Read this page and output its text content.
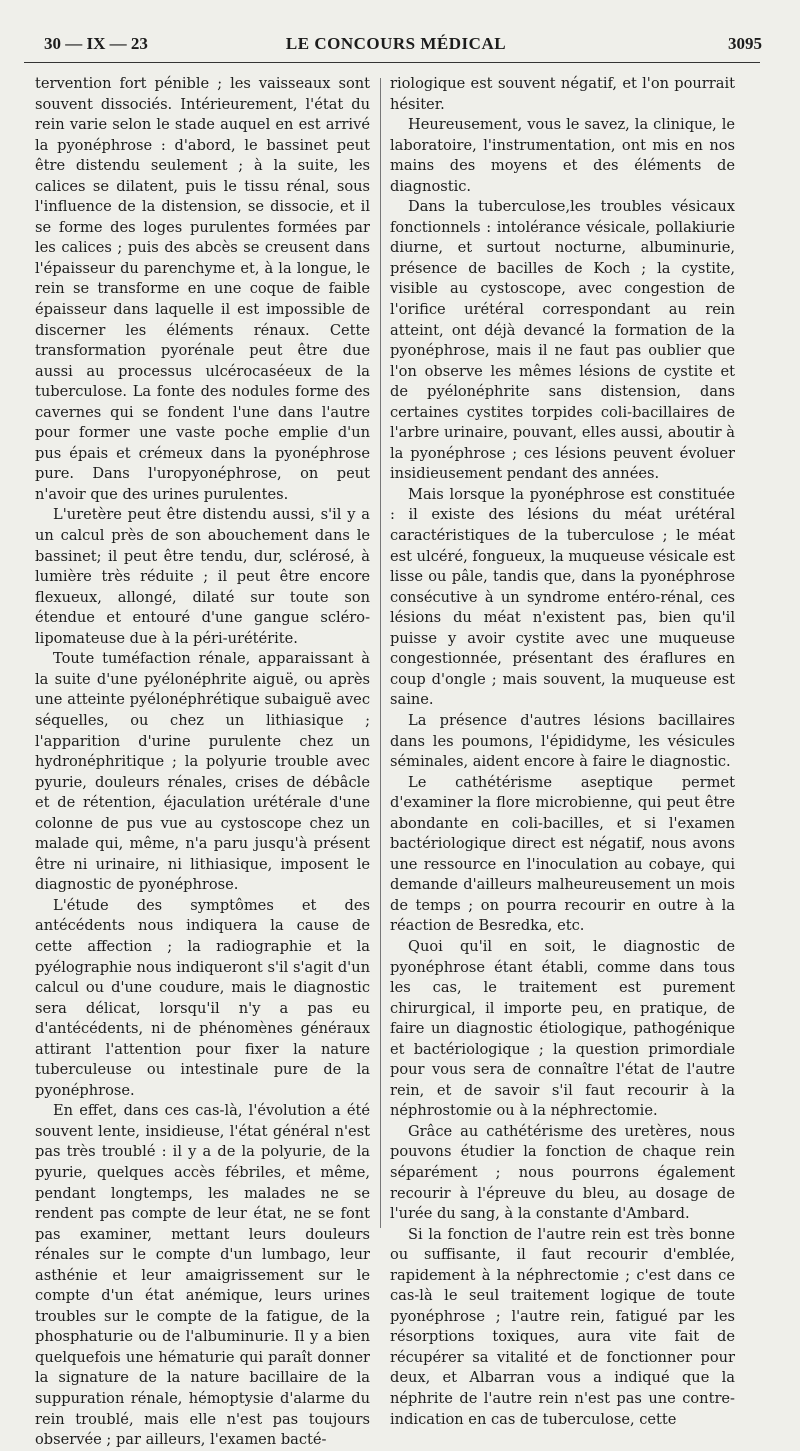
30 — IX — 23	LE CONCOURS MÉDICAL	3095

tervention fort pénible ; les vaisseaux sont souvent dissociés. Intérieurement, l'état du rein varie selon le stade auquel en est arrivé la pyonéphrose : d'abord, le bassinet peut être distendu seulement ; à la suite, les calices se dilatent, puis le tissu rénal, sous l'influence de la distension, se dissocie, et il se forme des loges purulentes formées par les calices ; puis des abcès se creusent dans l'épaisseur du parenchyme et, à la longue, le rein se transforme en une coque de faible épaisseur dans laquelle il est impossible de discerner les éléments rénaux. Cette transformation pyorénale peut être due aussi au processus ulcérocaséeux de la tuberculose. La fonte des nodules forme des cavernes qui se fondent l'une dans l'autre pour former une vaste poche emplie d'un pus épais et crémeux dans la pyonéphrose pure. Dans l'uropyonéphrose, on peut n'avoir que des urines purulentes.

L'uretère peut être distendu aussi, s'il y a un calcul près de son abouchement dans le bassinet; il peut être tendu, dur, sclérosé, à lumière très réduite ; il peut être encore flexueux, allongé, dilaté sur toute son étendue et entouré d'une gangue scléro-lipomateuse due à la péri-urétérite.

Toute tuméfaction rénale, apparaissant à la suite d'une pyélonéphrite aiguë, ou après une atteinte pyélonéphrétique subaiguë avec séquelles, ou chez un lithiasique ; l'apparition d'urine purulente chez un hydronéphritique ; la polyurie trouble avec pyurie, douleurs rénales, crises de débâcle et de rétention, éjaculation urétérale d'une colonne de pus vue au cystoscope chez un malade qui, même, n'a paru jusqu'à présent être ni urinaire, ni lithiasique, imposent le diagnostic de pyonéphrose.

L'étude des symptômes et des antécédents nous indiquera la cause de cette affection ; la radiographie et la pyélographie nous indiqueront s'il s'agit d'un calcul ou d'une coudure, mais le diagnostic sera délicat, lorsqu'il n'y a pas eu d'antécédents, ni de phénomènes généraux attirant l'attention pour fixer la nature tuberculeuse ou intestinale pure de la pyonéphrose.

En effet, dans ces cas-là, l'évolution a été souvent lente, insidieuse, l'état général n'est pas très troublé : il y a de la polyurie, de la pyurie, quelques accès fébriles, et même, pendant longtemps, les malades ne se rendent pas compte de leur état, ne se font pas examiner, mettant leurs douleurs rénales sur le compte d'un lumbago, leur asthénie et leur amaigrissement sur le compte d'un état anémique, leurs urines troubles sur le compte de la fatigue, de la phosphaturie ou de l'albuminurie. Il y a bien quelquefois une hématurie qui paraît donner la signature de la nature bacillaire de la suppuration rénale, hémoptysie d'alarme du rein troublé, mais elle n'est pas toujours observée ; par ailleurs, l'examen bacté-

riologique est souvent négatif, et l'on pourrait hésiter.

Heureusement, vous le savez, la clinique, le laboratoire, l'instrumentation, ont mis en nos mains des moyens et des éléments de diagnostic.

Dans la tuberculose,les troubles vésicaux fonctionnels : intolérance vésicale, pollakiurie diurne, et surtout nocturne, albuminurie, présence de bacilles de Koch ; la cystite, visible au cystoscope, avec congestion de l'orifice urétéral correspondant au rein atteint, ont déjà devancé la formation de la pyonéphrose, mais il ne faut pas oublier que l'on observe les mêmes lésions de cystite et de pyélonéphrite sans distension, dans certaines cystites torpides coli-bacillaires de l'arbre urinaire, pouvant, elles aussi, aboutir à la pyonéphrose ; ces lésions peuvent évoluer insidieusement pendant des années.

Mais lorsque la pyonéphrose est constituée : il existe des lésions du méat urétéral caractéristiques de la tuberculose ; le méat est ulcéré, fongueux, la muqueuse vésicale est lisse ou pâle, tandis que, dans la pyonéphrose consécutive à un syndrome entéro-rénal, ces lésions du méat n'existent pas, bien qu'il puisse y avoir cystite avec une muqueuse congestionnée, présentant des éraflures en coup d'ongle ; mais souvent, la muqueuse est saine.

La présence d'autres lésions bacillaires dans les poumons, l'épididyme, les vésicules séminales, aident encore à faire le diagnostic.

Le cathétérisme aseptique permet d'examiner la flore microbienne, qui peut être abondante en coli-bacilles, et si l'examen bactériologique direct est négatif, nous avons une ressource en l'inoculation au cobaye, qui demande d'ailleurs malheureusement un mois de temps ; on pourra recourir en outre à la réaction de Besredka, etc.

Quoi qu'il en soit, le diagnostic de pyonéphrose étant établi, comme dans tous les cas, le traitement est purement chirurgical, il importe peu, en pratique, de faire un diagnostic étiologique, pathogénique et bactériologique ; la question primordiale pour vous sera de connaître l'état de l'autre rein, et de savoir s'il faut recourir à la néphrostomie ou à la néphrectomie.

Grâce au cathétérisme des uretères, nous pouvons étudier la fonction de chaque rein séparément ; nous pourrons également recourir à l'épreuve du bleu, au dosage de l'urée du sang, à la constante d'Ambard.

Si la fonction de l'autre rein est très bonne ou suffisante, il faut recourir d'emblée, rapidement à la néphrectomie ; c'est dans ce cas-là le seul traitement logique de toute pyonéphrose ; l'autre rein, fatigué par les résorptions toxiques, aura vite fait de récupérer sa vitalité et de fonctionner pour deux, et Albarran vous a indiqué que la néphrite de l'autre rein n'est pas une contre-indication en cas de tuberculose, cette
